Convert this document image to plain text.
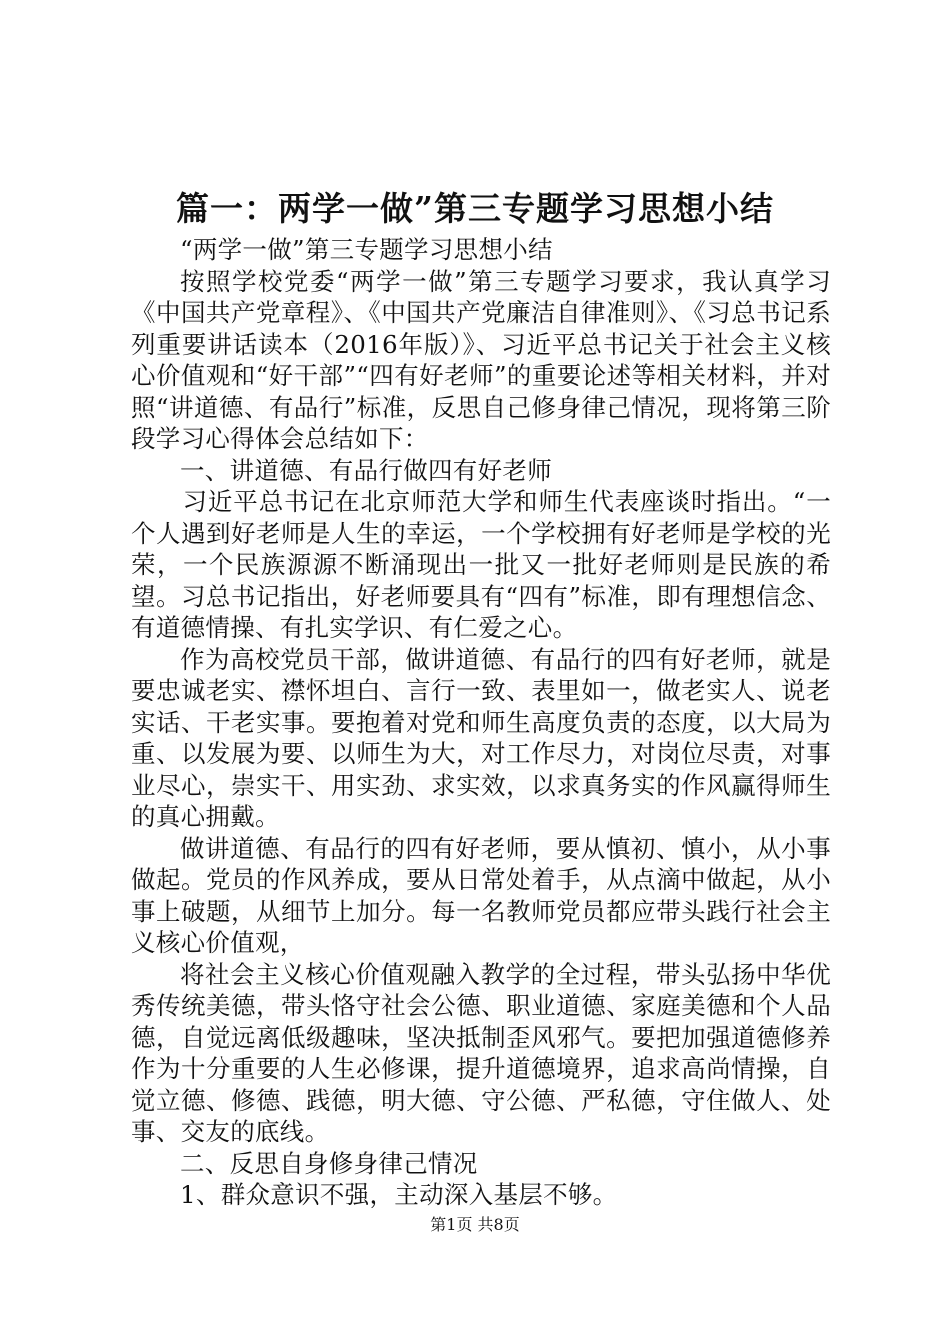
篇一：两学一做”第三专题学习思想小结

“两学一做”第三专题学习思想小结

按照学校党委“两学一做”第三专题学习要求，我认真学习《中国共产党章程》、《中国共产党廉洁自律准则》、《习总书记系列重要讲话读本（2016年版）》、习近平总书记关于社会主义核心价值观和“好干部”“四有好老师”的重要论述等相关材料，并对照“讲道德、有品行”标准，反思自己修身律己情况，现将第三阶段学习心得体会总结如下：

一、讲道德、有品行做四有好老师

习近平总书记在北京师范大学和师生代表座谈时指出。“一个人遇到好老师是人生的幸运，一个学校拥有好老师是学校的光荣，一个民族源源不断涌现出一批又一批好老师则是民族的希望。习总书记指出，好老师要具有“四有”标准，即有理想信念、有道德情操、有扎实学识、有仁爱之心。

作为高校党员干部，做讲道德、有品行的四有好老师，就是要忠诚老实、襟怀坦白、言行一致、表里如一，做老实人、说老实话、干老实事。要抱着对党和师生高度负责的态度，以大局为重、以发展为要、以师生为大，对工作尽力，对岗位尽责，对事业尽心，崇实干、用实劲、求实效，以求真务实的作风赢得师生的真心拥戴。

做讲道德、有品行的四有好老师，要从慎初、慎小，从小事做起。党员的作风养成，要从日常处着手，从点滴中做起，从小事上破题，从细节上加分。每一名教师党员都应带头践行社会主义核心价值观，

将社会主义核心价值观融入教学的全过程，带头弘扬中华优秀传统美德，带头恪守社会公德、职业道德、家庭美德和个人品德，自觉远离低级趣味，坚决抵制歪风邪气。要把加强道德修养作为十分重要的人生必修课，提升道德境界，追求高尚情操，自觉立德、修德、践德，明大德、守公德、严私德，守住做人、处事、交友的底线。

二、反思自身修身律己情况

1、群众意识不强，主动深入基层不够。

第1页 共8页
